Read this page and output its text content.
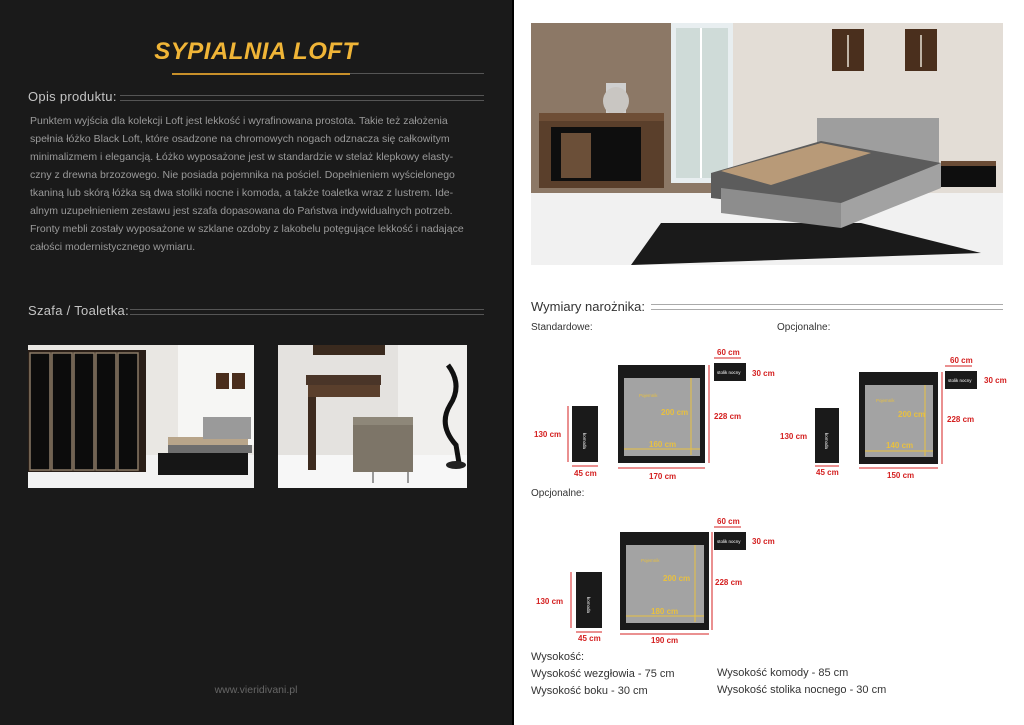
SYPIALNIA LOFT
Opis produktu:

Punktem wyjścia dla kolekcji Loft jest lekkość i wyrafinowana prostota. Takie też założenia

spełnia łóżko Black Loft, które osadzone na chromowych nogach odznacza się całkowitym

minimalizmem i elegancją. Łóżko wyposażone jest w standardzie w stelaż klepkowy elasty-

czny z drewna brzozowego. Nie posiada pojemnika na pościel. Dopełnieniem wyścielonego

tkaniną lub skórą łóżka są dwa stoliki nocne i komoda, a także toaletka wraz z lustrem. Ide-

alnym uzupełnieniem zestawu jest szafa dopasowana do Państwa indywidualnych potrzeb.

Fronty mebli zostały wyposażone w szklane ozdoby z lakobelu potęgujące lekkość i nadające

całości modernistycznego wymiaru.

Szafa / Toaletka:
www.vieridivani.pl
Wymiary narożnika:
Standardowe:	Opcjonalne:
Opcjonalne:
60 cm
stolik nocny 30 cm
200 cm
160 cm
Pojemnik
228 cm
170 cm
komoda
130 cm
45 cm
60 cm
stolik nocny 30 cm
200 cm
140 cm
Pojemnik
228 cm
150 cm
komoda
130 cm
45 cm
60 cm
stolik nocny 30 cm
200 cm
180 cm
Pojemnik
228 cm
190 cm
komoda
130 cm
45 cm
Wysokość:
Wysokość wezgłowia - 75 cm
Wysokość boku - 30 cm
Wysokość komody - 85 cm
Wysokość stolika nocnego - 30 cm
